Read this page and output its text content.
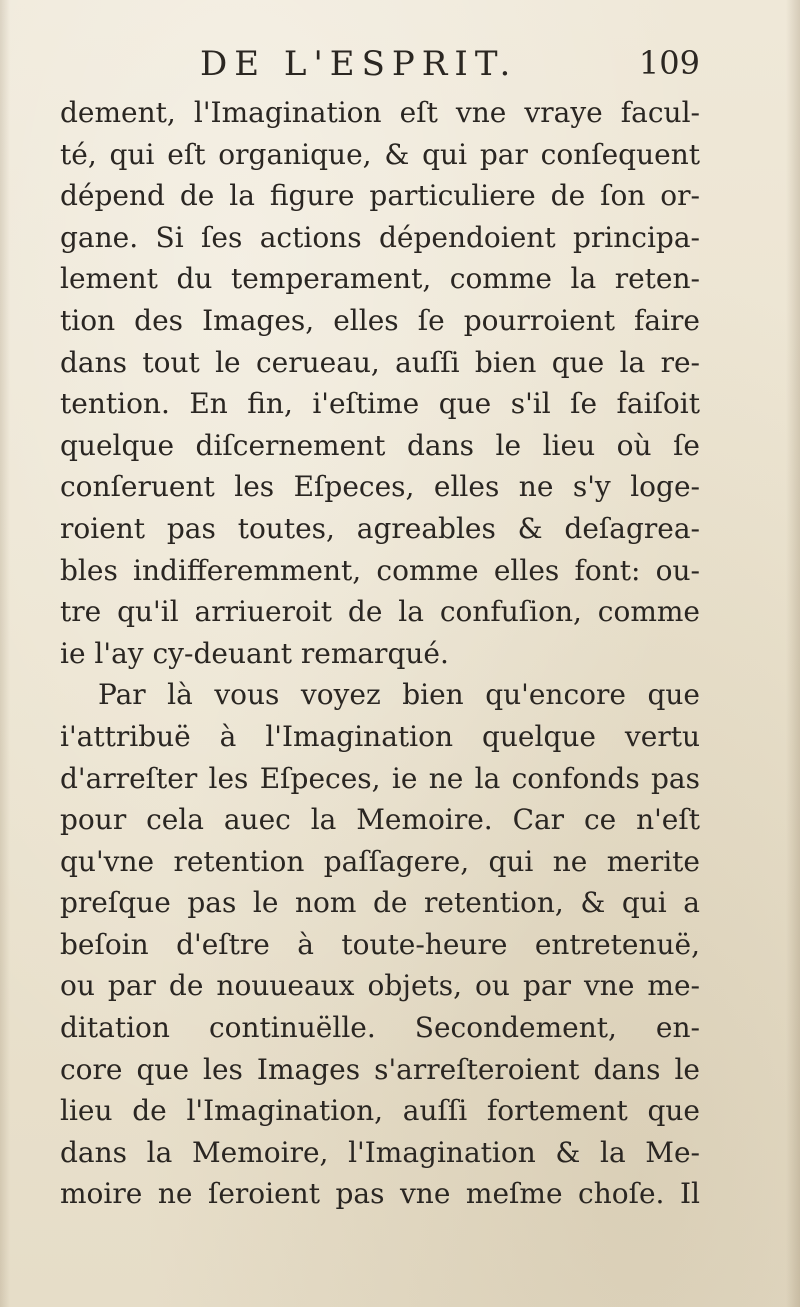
DE L'ESPRIT.	109
dement, l'Imagination eſt vne vraye facul-
té, qui eſt organique, & qui par conſequent
dépend de la figure particuliere de ſon or-
gane. Si ſes actions dépendoient principa-
lement du temperament, comme la reten-
tion des Images, elles ſe pourroient faire
dans tout le cerueau, auſſi bien que la re-
tention. En fin, i'eſtime que s'il ſe faiſoit
quelque diſcernement dans le lieu où ſe
conſeruent les Eſpeces, elles ne s'y loge-
roient pas toutes, agreables & deſagrea-
bles indifferemment, comme elles font: ou-
tre qu'il arriueroit de la confuſion, comme
ie l'ay cy-deuant remarqué.
Par là vous voyez bien qu'encore que
i'attribuë à l'Imagination quelque vertu
d'arreſter les Eſpeces, ie ne la confonds pas
pour cela auec la Memoire. Car ce n'eſt
qu'vne retention paſſagere, qui ne merite
preſque pas le nom de retention, & qui a
beſoin d'eſtre à toute-heure entretenuë,
ou par de nouueaux objets, ou par vne me-
ditation continuëlle. Secondement, en-
core que les Images s'arreſteroient dans le
lieu de l'Imagination, auſſi fortement que
dans la Memoire, l'Imagination & la Me-
moire ne ſeroient pas vne meſme choſe. Il
